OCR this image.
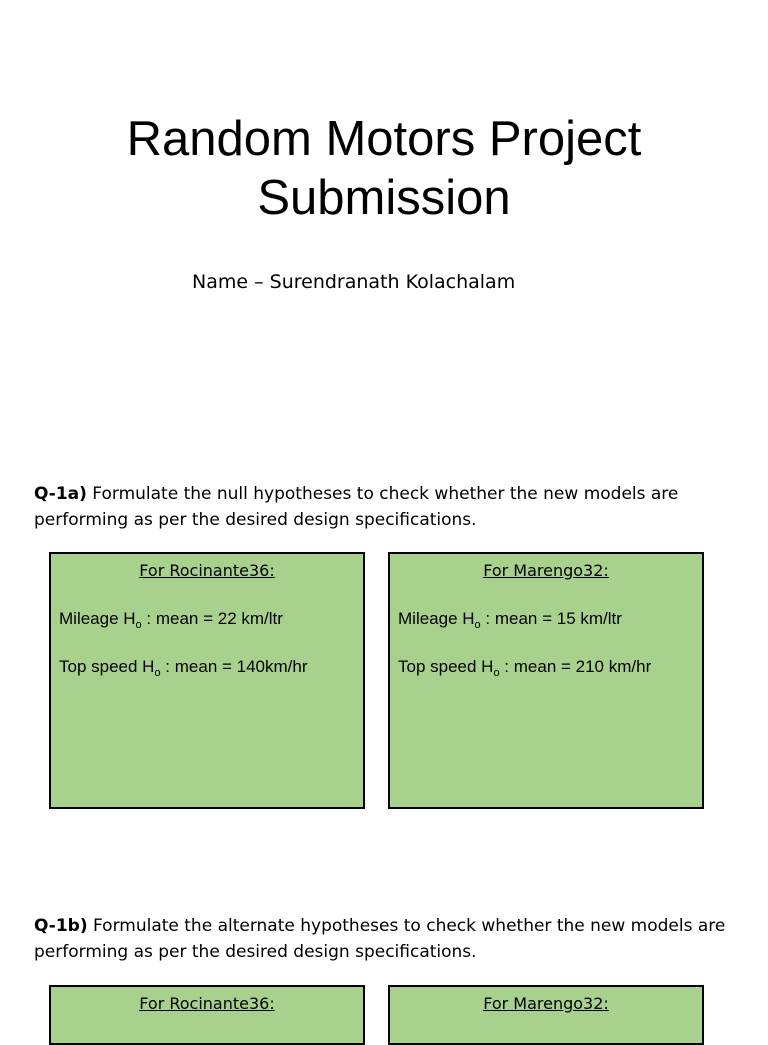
Random Motors Project
Submission
Name – Surendranath Kolachalam
Q-1a) Formulate the null hypotheses to check whether the new models are performing as per the desired design specifications.
For Rocinante36:
Mileage $H_o$ : mean = 22 km/ltr
Top speed $H_o$ : mean = 140km/hr
For Marengo32:
Mileage $H_o$ : mean = 15 km/ltr
Top speed $H_o$ : mean = 210 km/hr
Q-1b) Formulate the alternate hypotheses to check whether the new models are performing as per the desired design specifications.
For Rocinante36:	For Marengo32:
